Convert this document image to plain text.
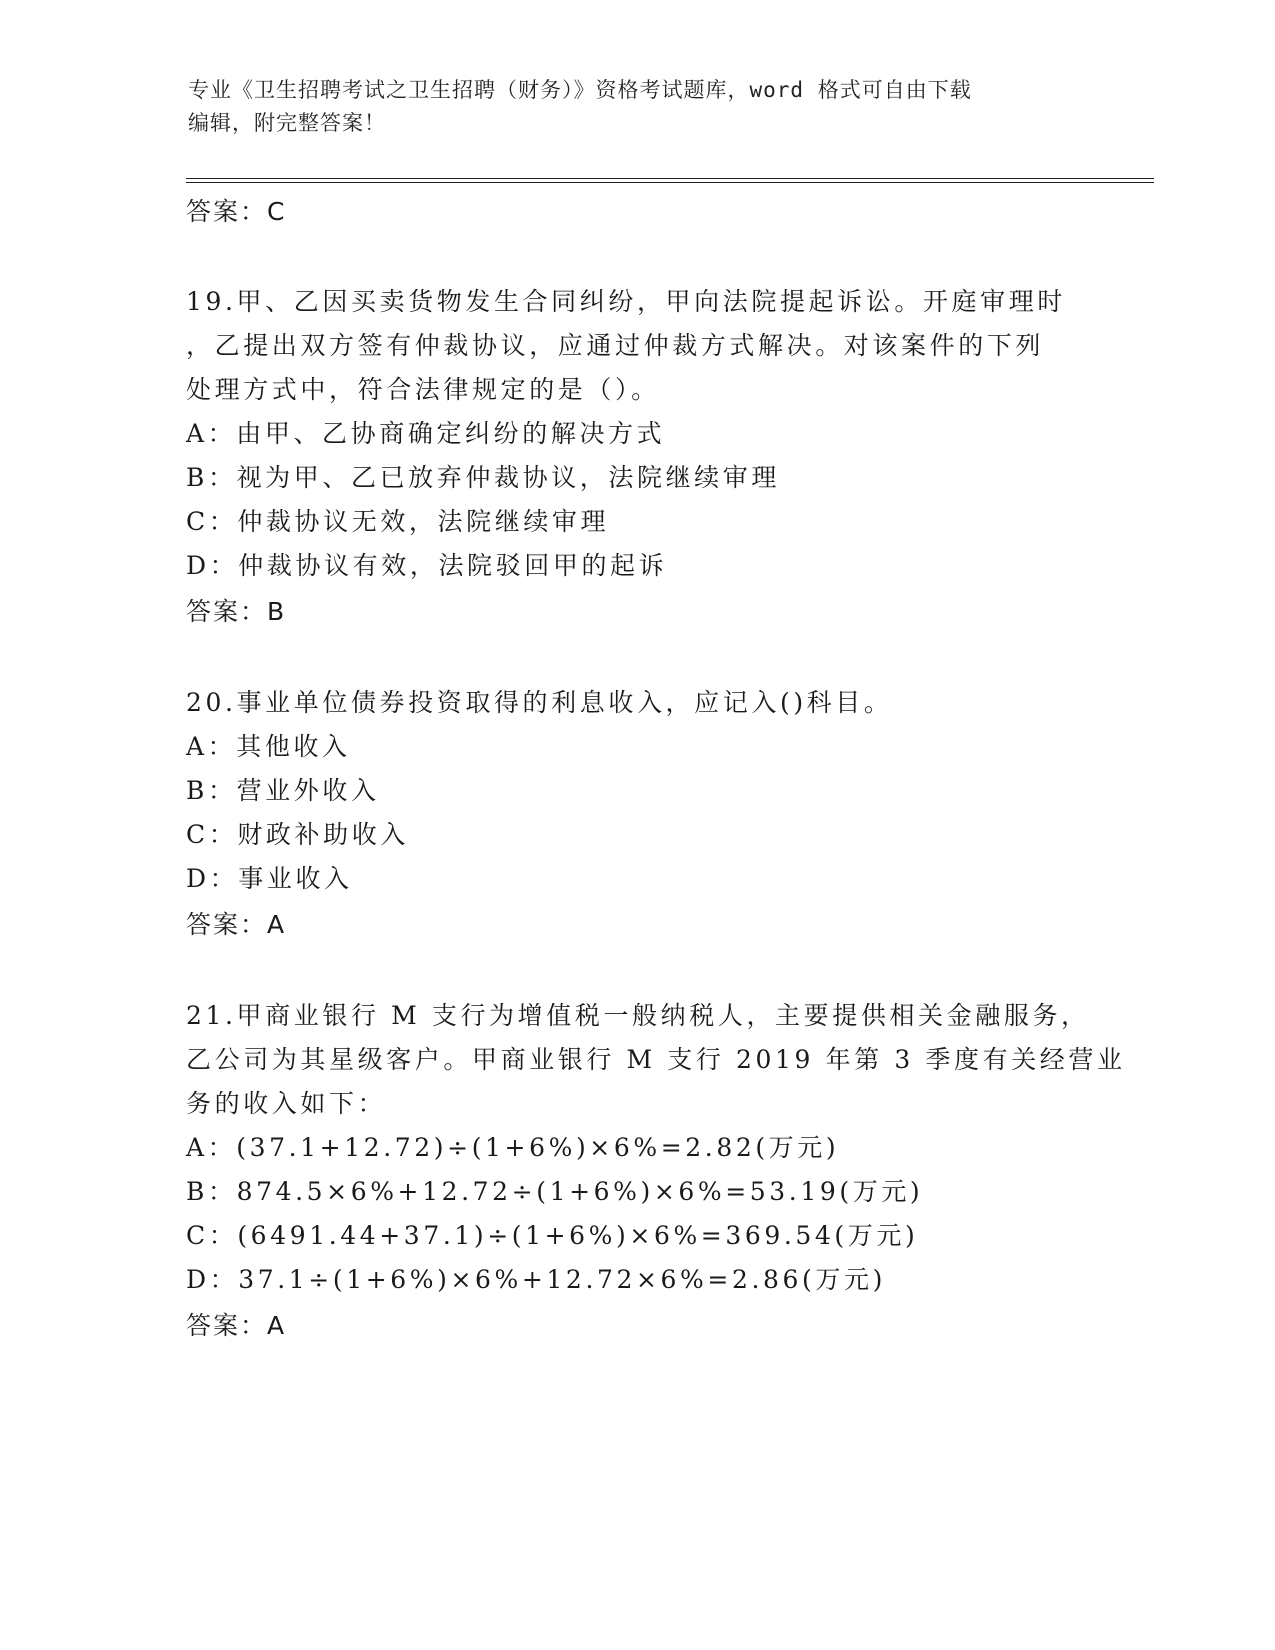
专业《卫生招聘考试之卫生招聘（财务）》资格考试题库，word 格式可自由下载
编辑，附完整答案！
答案：C
19.甲、乙因买卖货物发生合同纠纷，甲向法院提起诉讼。开庭审理时
，乙提出双方签有仲裁协议，应通过仲裁方式解决。对该案件的下列
处理方式中，符合法律规定的是（）。
A：由甲、乙协商确定纠纷的解决方式
B：视为甲、乙已放弃仲裁协议，法院继续审理
C：仲裁协议无效，法院继续审理
D：仲裁协议有效，法院驳回甲的起诉
答案：B
20.事业单位债券投资取得的利息收入，应记入()科目。
A：其他收入
B：营业外收入
C：财政补助收入
D：事业收入
答案：A
21.甲商业银行 M 支行为增值税一般纳税人，主要提供相关金融服务，
乙公司为其星级客户。甲商业银行 M 支行 2019 年第 3 季度有关经营业
务的收入如下：
A：(37.1+12.72)÷(1+6%)×6%=2.82(万元)
B：874.5×6%+12.72÷(1+6%)×6%=53.19(万元)
C：(6491.44+37.1)÷(1+6%)×6%=369.54(万元)
D：37.1÷(1+6%)×6%+12.72×6%=2.86(万元)
答案：A
